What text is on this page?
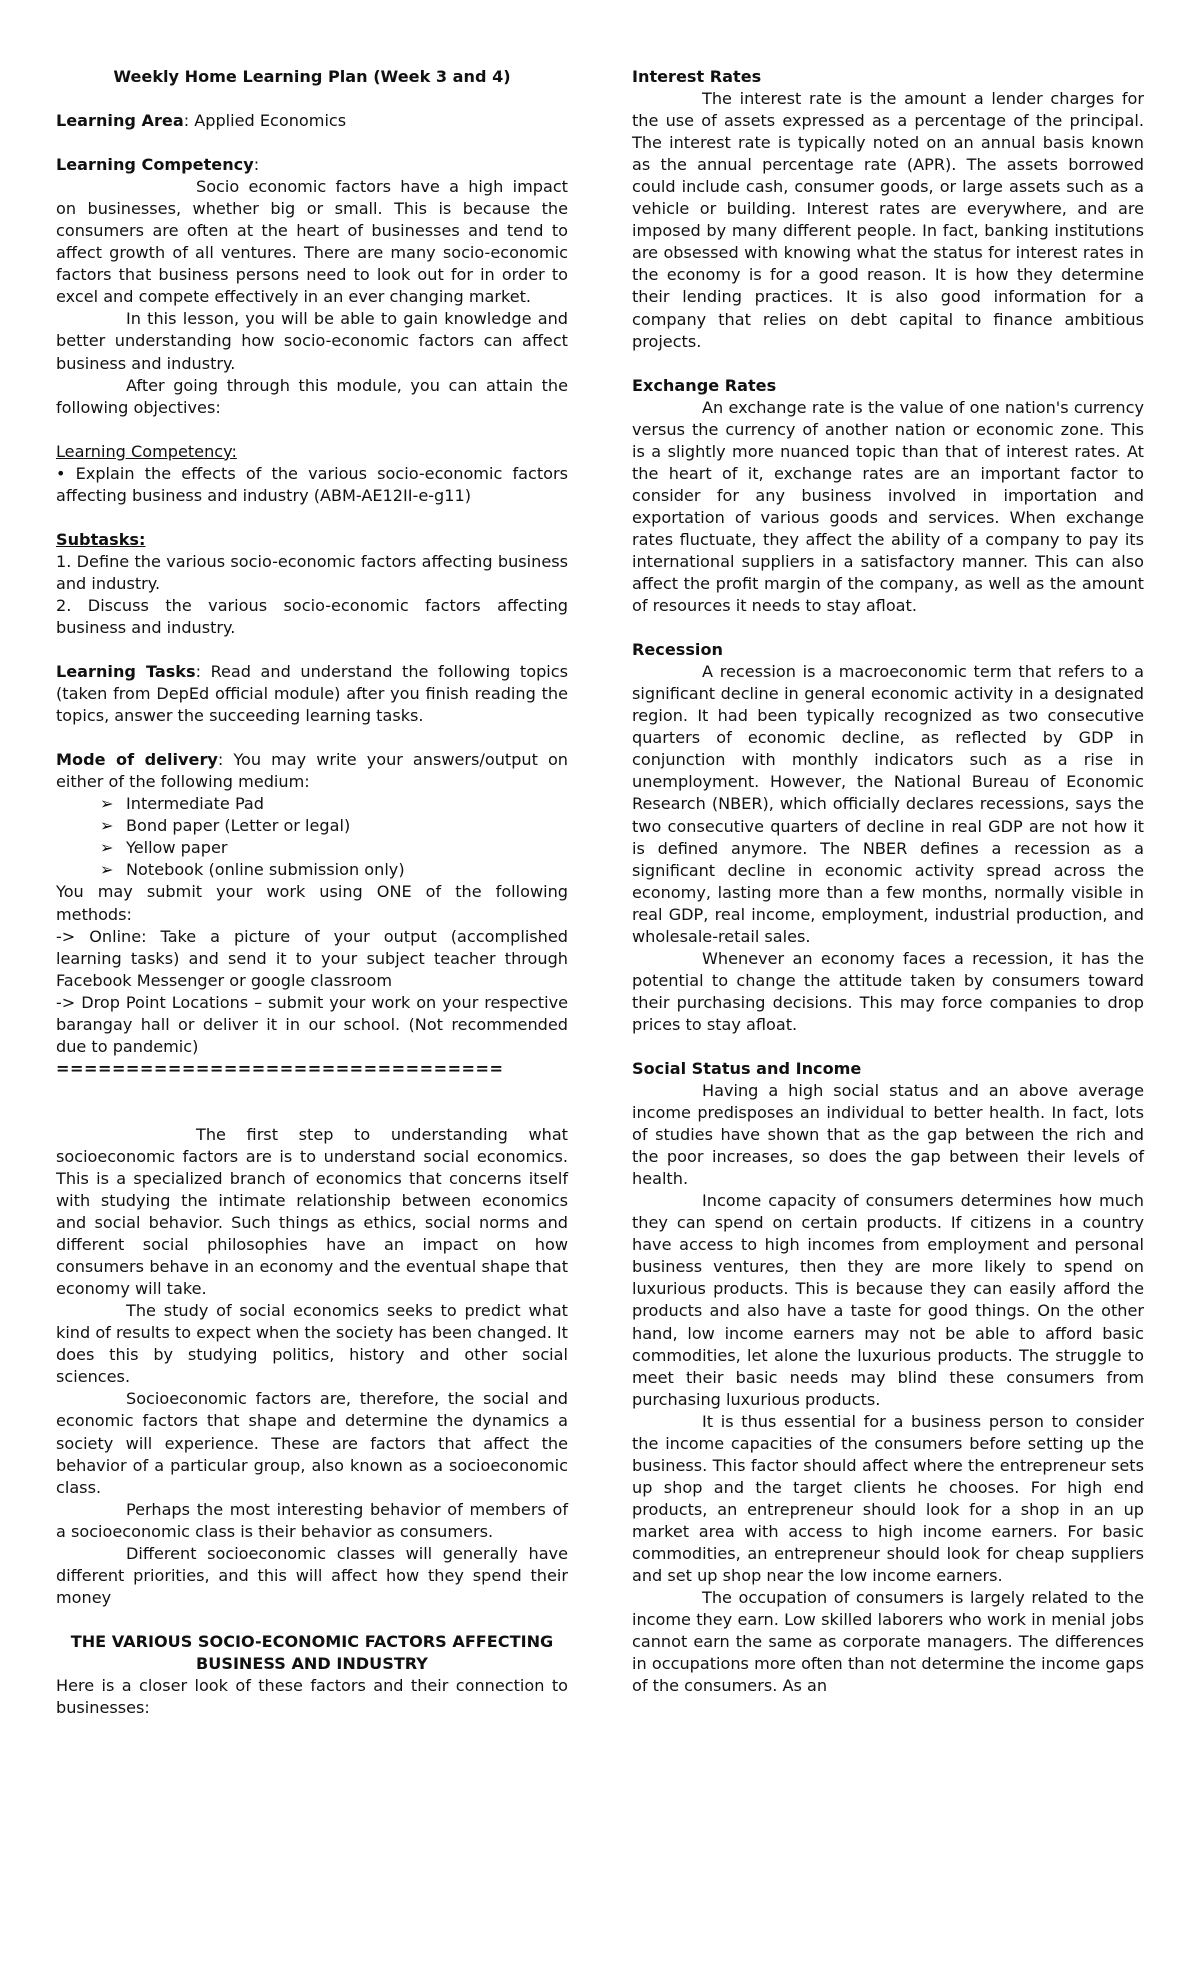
Weekly Home Learning Plan (Week 3 and 4)

Learning Area: Applied Economics

Learning Competency:

Socio economic factors have a high impact on businesses, whether big or small. This is because the consumers are often at the heart of businesses and tend to affect growth of all ventures. There are many socio-economic factors that business persons need to look out for in order to excel and compete effectively in an ever changing market.

In this lesson, you will be able to gain knowledge and better understanding how socio-economic factors can affect business and industry.

After going through this module, you can attain the following objectives:

Learning Competency:

• Explain the effects of the various socio-economic factors affecting business and industry (ABM-AE12II-e-g11)

Subtasks:

1. Define the various socio-economic factors affecting business and industry.

2. Discuss the various socio-economic factors affecting business and industry.

Learning Tasks: Read and understand the following topics (taken from DepEd official module) after you finish reading the topics, answer the succeeding learning tasks.

Mode of delivery: You may write your answers/output on either of the following medium:

➢ Intermediate Pad
➢ Bond paper (Letter or legal)
➢ Yellow paper
➢ Notebook (online submission only)

You may submit your work using ONE of the following methods:

-> Online: Take a picture of your output (accomplished learning tasks) and send it to your subject teacher through Facebook Messenger or google classroom

-> Drop Point Locations – submit your work on your respective barangay hall or deliver it in our school. (Not recommended due to pandemic)

================================

The first step to understanding what socioeconomic factors are is to understand social economics. This is a specialized branch of economics that concerns itself with studying the intimate relationship between economics and social behavior. Such things as ethics, social norms and different social philosophies have an impact on how consumers behave in an economy and the eventual shape that economy will take.

The study of social economics seeks to predict what kind of results to expect when the society has been changed. It does this by studying politics, history and other social sciences.

Socioeconomic factors are, therefore, the social and economic factors that shape and determine the dynamics a society will experience. These are factors that affect the behavior of a particular group, also known as a socioeconomic class.

Perhaps the most interesting behavior of members of a socioeconomic class is their behavior as consumers.

Different socioeconomic classes will generally have different priorities, and this will affect how they spend their money

THE VARIOUS SOCIO-ECONOMIC FACTORS AFFECTING

BUSINESS AND INDUSTRY

Here is a closer look of these factors and their connection to businesses:

Interest Rates

The interest rate is the amount a lender charges for the use of assets expressed as a percentage of the principal. The interest rate is typically noted on an annual basis known as the annual percentage rate (APR). The assets borrowed could include cash, consumer goods, or large assets such as a vehicle or building. Interest rates are everywhere, and are imposed by many different people. In fact, banking institutions are obsessed with knowing what the status for interest rates in the economy is for a good reason. It is how they determine their lending practices. It is also good information for a company that relies on debt capital to finance ambitious projects.

Exchange Rates

An exchange rate is the value of one nation's currency versus the currency of another nation or economic zone. This is a slightly more nuanced topic than that of interest rates. At the heart of it, exchange rates are an important factor to consider for any business involved in importation and exportation of various goods and services. When exchange rates fluctuate, they affect the ability of a company to pay its international suppliers in a satisfactory manner. This can also affect the profit margin of the company, as well as the amount of resources it needs to stay afloat.

Recession

A recession is a macroeconomic term that refers to a significant decline in general economic activity in a designated region. It had been typically recognized as two consecutive quarters of economic decline, as reflected by GDP in conjunction with monthly indicators such as a rise in unemployment. However, the National Bureau of Economic Research (NBER), which officially declares recessions, says the two consecutive quarters of decline in real GDP are not how it is defined anymore. The NBER defines a recession as a significant decline in economic activity spread across the economy, lasting more than a few months, normally visible in real GDP, real income, employment, industrial production, and wholesale-retail sales.

Whenever an economy faces a recession, it has the potential to change the attitude taken by consumers toward their purchasing decisions. This may force companies to drop prices to stay afloat.

Social Status and Income

Having a high social status and an above average income predisposes an individual to better health. In fact, lots of studies have shown that as the gap between the rich and the poor increases, so does the gap between their levels of health.

Income capacity of consumers determines how much they can spend on certain products. If citizens in a country have access to high incomes from employment and personal business ventures, then they are more likely to spend on luxurious products. This is because they can easily afford the products and also have a taste for good things. On the other hand, low income earners may not be able to afford basic commodities, let alone the luxurious products. The struggle to meet their basic needs may blind these consumers from purchasing luxurious products.

It is thus essential for a business person to consider the income capacities of the consumers before setting up the business. This factor should affect where the entrepreneur sets up shop and the target clients he chooses. For high end products, an entrepreneur should look for a shop in an up market area with access to high income earners. For basic commodities, an entrepreneur should look for cheap suppliers and set up shop near the low income earners.

The occupation of consumers is largely related to the income they earn. Low skilled laborers who work in menial jobs cannot earn the same as corporate managers. The differences in occupations more often than not determine the income gaps of the consumers. As an
